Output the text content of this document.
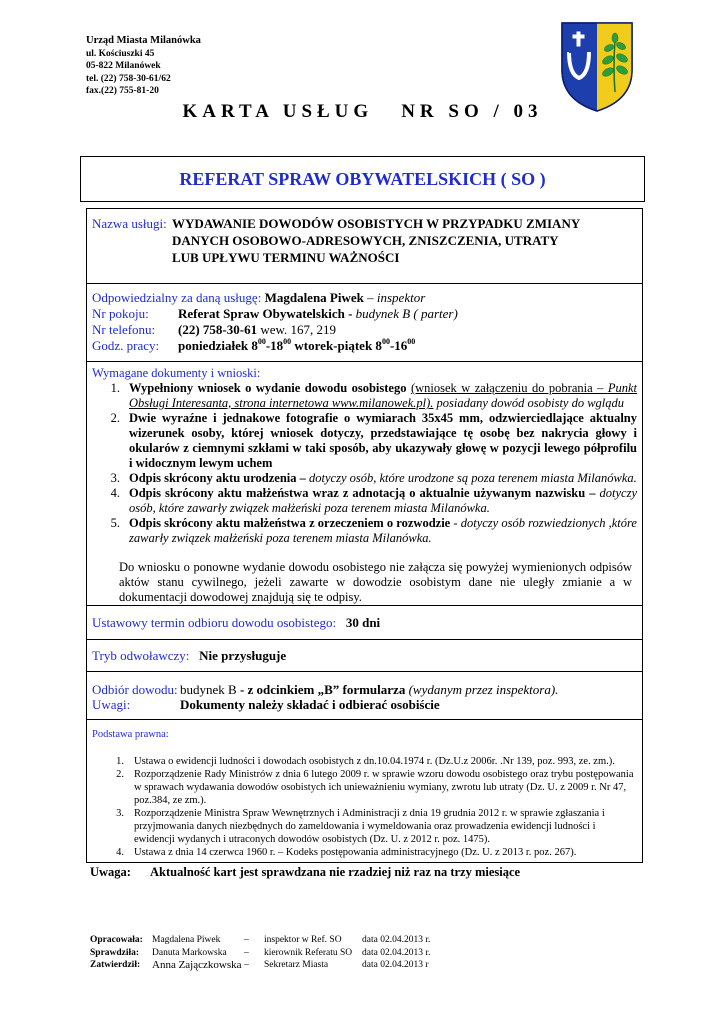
Urząd Miasta Milanówka
ul. Kościuszki 45
05-822 Milanówek
tel. (22) 758-30-61/62
fax.(22) 755-81-20
KARTA USŁUG NR SO / 03
REFERAT SPRAW OBYWATELSKICH ( SO )
Nazwa usługi: WYDAWANIE DOWODÓW OSOBISTYCH W PRZYPADKU ZMIANY
DANYCH OSOBOWO-ADRESOWYCH, ZNISZCZENIA, UTRATY
LUB UPŁYWU TERMINU WAŻNOŚCI
Odpowiedzialny za daną usługę: Magdalena Piwek – inspektor
Nr pokoju:	Referat Spraw Obywatelskich - budynek B ( parter)
Nr telefonu:	(22) 758-30-61 wew. 167, 219
Godz. pracy:	poniedziałek $8^{00}-18^{00}$ wtorek-piątek $8^{00}-16^{00}$
Wymagane dokumenty i wnioski:
1. Wypełniony wniosek o wydanie dowodu osobistego (wniosek w załączeniu do pobrania – Punkt Obsługi Interesanta, strona internetowa www.milanowek.pl). posiadany dowód osobisty do wglądu
2. Dwie wyraźne i jednakowe fotografie o wymiarach 35x45 mm, odzwierciedlające aktualny wizerunek osoby, której wniosek dotyczy, przedstawiające tę osobę bez nakrycia głowy i okularów z ciemnymi szkłami w taki sposób, aby ukazywały głowę w pozycji lewego półprofilu i widocznym lewym uchem
3. Odpis skrócony aktu urodzenia – dotyczy osób, które urodzone są poza terenem miasta Milanówka.
4. Odpis skrócony aktu małżeństwa wraz z adnotacją o aktualnie używanym nazwisku – dotyczy osób, które zawarły związek małżeński poza terenem miasta Milanówka.
5. Odpis skrócony aktu małżeństwa z orzeczeniem o rozwodzie - dotyczy osób rozwiedzionych ,które zawarły związek małżeński poza terenem miasta Milanówka.
Do wniosku o ponowne wydanie dowodu osobistego nie załącza się powyżej wymienionych odpisów aktów stanu cywilnego, jeżeli zawarte w dowodzie osobistym dane nie uległy zmianie a w dokumentacji dowodowej znajdują się te odpisy.
Ustawowy termin odbioru dowodu osobistego: 30 dni
Tryb odwoławczy: Nie przysługuje
Odbiór dowodu: budynek B - z odcinkiem „B” formularza (wydanym przez inspektora).
Uwagi:	Dokumenty należy składać i odbierać osobiście
Podstawa prawna:
1. Ustawa o ewidencji ludności i dowodach osobistych z dn.10.04.1974 r. (Dz.U.z 2006r. .Nr 139, poz. 993, ze. zm.).
2. Rozporządzenie Rady Ministrów z dnia 6 lutego 2009 r. w sprawie wzoru dowodu osobistego oraz trybu postępowania w sprawach wydawania dowodów osobistych ich unieważnieniu wymiany, zwrotu lub utraty (Dz. U. z 2009 r. Nr 47, poz.384, ze zm.).
3. Rozporządzenie Ministra Spraw Wewnętrznych i Administracji z dnia 19 grudnia 2012 r. w sprawie zgłaszania i przyjmowania danych niezbędnych do zameldowania i wymeldowania oraz prowadzenia ewidencji ludności i ewidencji wydanych i utraconych dowodów osobistych (Dz. U. z 2012 r. poz. 1475).
4. Ustawa z dnia 14 czerwca 1960 r. – Kodeks postępowania administracyjnego (Dz. U. z 2013 r. poz. 267).
Uwaga:	Aktualność kart jest sprawdzana nie rzadziej niż raz na trzy miesiące
Opracowała:	Magdalena Piwek	–	inspektor w Ref. SO	data 02.04.2013 r.
Sprawdziła:	Danuta Markowska	–	kierownik Referatu SO	data 02.04.2013 r.
Zatwierdził:	Anna Zajączkowska	–	Sekretarz Miasta	data 02.04.2013 r
